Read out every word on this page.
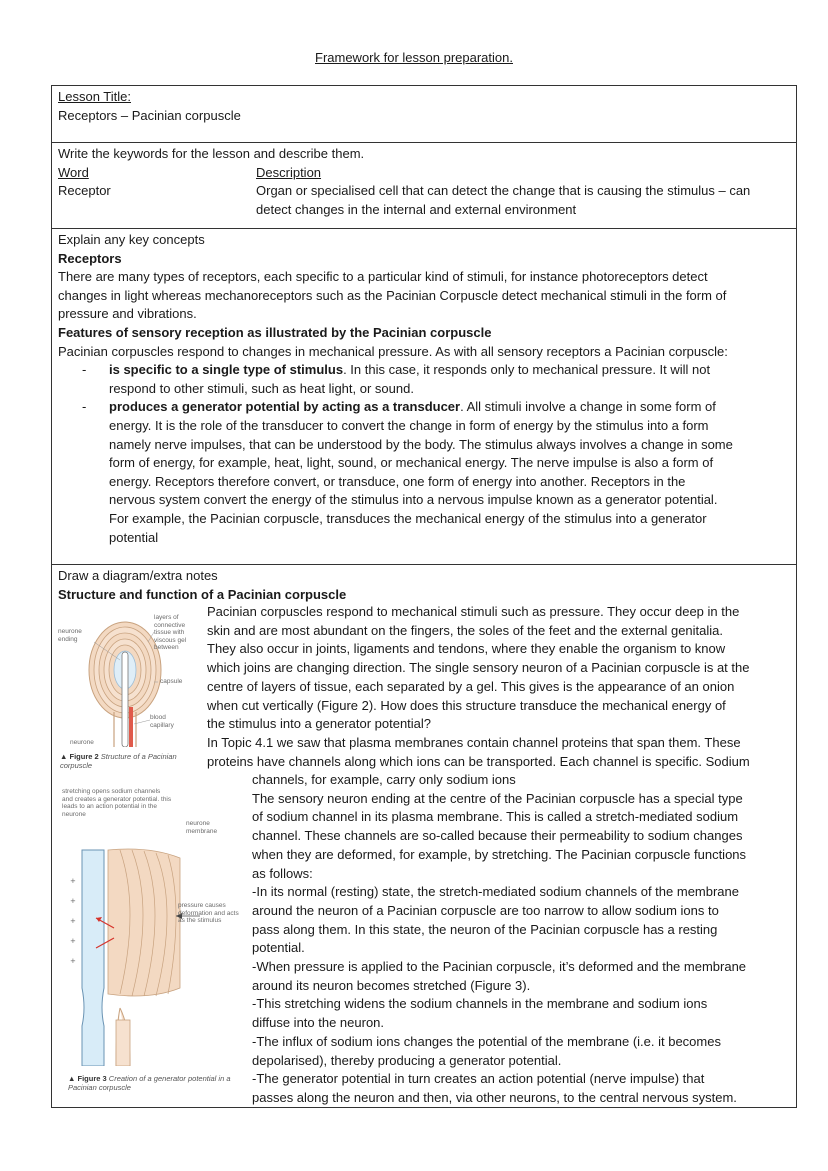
Framework for lesson preparation.
Lesson Title:
Receptors – Pacinian corpuscle
Write the keywords for the lesson and describe them.
Word	Description
Receptor	Organ or specialised cell that can detect the change that is causing the stimulus – can
detect changes in the internal and external environment
Explain any key concepts
Receptors
There are many types of receptors, each specific to a particular kind of stimuli, for instance photoreceptors detect
changes in light whereas mechanoreceptors such as the Pacinian Corpuscle detect mechanical stimuli in the form of
pressure and vibrations.
Features of sensory reception as illustrated by the Pacinian corpuscle
Pacinian corpuscles respond to changes in mechanical pressure. As with all sensory receptors a Pacinian corpuscle:
- is specific to a single type of stimulus. In this case, it responds only to mechanical pressure. It will not
respond to other stimuli, such as heat light, or sound.
- produces a generator potential by acting as a transducer. All stimuli involve a change in some form of
energy. It is the role of the transducer to convert the change in form of energy by the stimulus into a form
namely nerve impulses, that can be understood by the body. The stimulus always involves a change in some
form of energy, for example, heat, light, sound, or mechanical energy. The nerve impulse is also a form of
energy. Receptors therefore convert, or transduce, one form of energy into another. Receptors in the
nervous system convert the energy of the stimulus into a nervous impulse known as a generator potential.
For example, the Pacinian corpuscle, transduces the mechanical energy of the stimulus into a generator
potential
Draw a diagram/extra notes
Structure and function of a Pacinian corpuscle
Pacinian corpuscles respond to mechanical stimuli such as pressure. They occur deep in the
skin and are most abundant on the fingers, the soles of the feet and the external genitalia.
They also occur in joints, ligaments and tendons, where they enable the organism to know
which joins are changing direction. The single sensory neuron of a Pacinian corpuscle is at the
centre of layers of tissue, each separated by a gel. This gives is the appearance of an onion
when cut vertically (Figure 2). How does this structure transduce the mechanical energy of
the stimulus into a generator potential?
In Topic 4.1 we saw that plasma membranes contain channel proteins that span them. These
proteins have channels along which ions can be transported. Each channel is specific. Sodium
channels, for example, carry only sodium ions
The sensory neuron ending at the centre of the Pacinian corpuscle has a special type
of sodium channel in its plasma membrane. This is called a stretch-mediated sodium
channel. These channels are so-called because their permeability to sodium changes
when they are deformed, for example, by stretching. The Pacinian corpuscle functions
as follows:
-In its normal (resting) state, the stretch-mediated sodium channels of the membrane
around the neuron of a Pacinian corpuscle are too narrow to allow sodium ions to
pass along them. In this state, the neuron of the Pacinian corpuscle has a resting
potential.
-When pressure is applied to the Pacinian corpuscle, it’s deformed and the membrane
around its neuron becomes stretched (Figure 3).
-This stretching widens the sodium channels in the membrane and sodium ions
diffuse into the neuron.
-The influx of sodium ions changes the potential of the membrane (i.e. it becomes
depolarised), thereby producing a generator potential.
-The generator potential in turn creates an action potential (nerve impulse) that
passes along the neuron and then, via other neurons, to the central nervous system.
neurone ending
layers of connective tissue with viscous gel between
capsule
blood capillary
neurone
▲ Figure 2 Structure of a Pacinian corpuscle
stretching opens sodium channels and creates a generator potential. this leads to an action potential in the neurone
neurone membrane
+
+
+
+
+
pressure causes deformation and acts as the stimulus
▲ Figure 3 Creation of a generator potential in a Pacinian corpuscle
